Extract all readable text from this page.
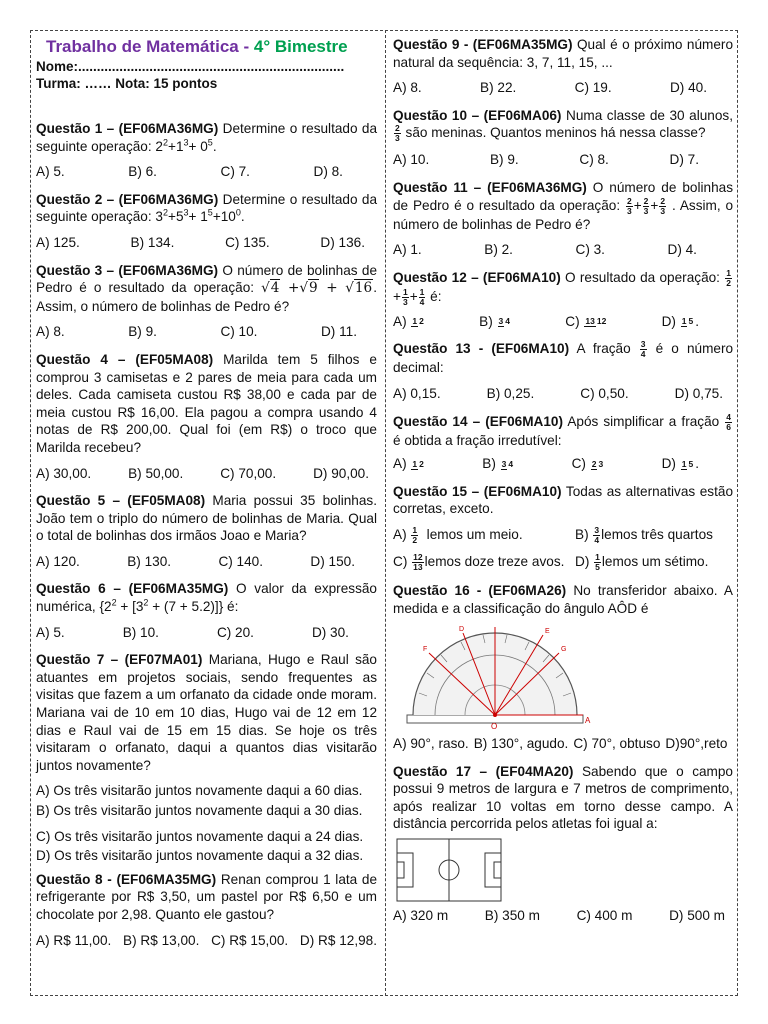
Trabalho de Matemática - 4° Bimestre
Nome:.......................................................................
Turma: …… Nota: 15 pontos
Questão 1 – (EF06MA36MG) Determine o resultado da seguinte operação: $2^2+1^3+ 0^5$.
A) 5.	B) 6.	C) 7.	D) 8.
Questão 2 – (EF06MA36MG) Determine o resultado da seguinte operação: $3^2+5^3+ 1^5+10^0$.
A) 125.	B) 134.	C) 135.	D) 136.
Questão 3 – (EF06MA36MG) O número de bolinhas de Pedro é o resultado da operação: √4 +√9 + √16. Assim, o número de bolinhas de Pedro é?
A) 8.	B) 9.	C) 10.	D) 11.
Questão 4 – (EF05MA08) Marilda tem 5 filhos e comprou 3 camisetas e 2 pares de meia para cada um deles. Cada camiseta custou R$ 38,00 e cada par de meia custou R$ 16,00. Ela pagou a compra usando 4 notas de R$ 200,00. Qual foi (em R$) o troco que Marilda recebeu?
A) 30,00.	B) 50,00.	C) 70,00.	D) 90,00.
Questão 5 – (EF05MA08) Maria possui 35 bolinhas. João tem o triplo do número de bolinhas de Maria. Qual o total de bolinhas dos irmãos Joao e Maria?
A) 120.	B) 130.	C) 140.	D) 150.
Questão 6 – (EF06MA35MG) O valor da expressão numérica, $\{2^2 + [3^2 + (7 + 5.2)]\}$ é:
A) 5.	B) 10.	C) 20.	D) 30.
Questão 7 – (EF07MA01) Mariana, Hugo e Raul são atuantes em projetos sociais, sendo frequentes as visitas que fazem a um orfanato da cidade onde moram. Mariana vai de 10 em 10 dias, Hugo vai de 12 em 12 dias e Raul vai de 15 em 15 dias. Se hoje os três visitaram o orfanato, daqui a quantos dias visitarão juntos novamente?
A) Os três visitarão juntos novamente daqui a 60 dias.
B) Os três visitarão juntos novamente daqui a 30 dias.
C) Os três visitarão juntos novamente daqui a 24 dias.
D) Os três visitarão juntos novamente daqui a 32 dias.
Questão 8 - (EF06MA35MG) Renan comprou 1 lata de refrigerante por R$ 3,50, um pastel por R$ 6,50 e um chocolate por 2,98. Quanto ele gastou?
A) R$ 11,00. B) R$ 13,00. C) R$ 15,00. D) R$ 12,98.
Questão 9 - (EF06MA35MG) Qual é o próximo número natural da sequência: 3, 7, 11, 15, ...
A) 8.	B) 22.	C) 19.	D) 40.
Questão 10 – (EF06MA06) Numa classe de 30 alunos,
$\frac{2}{3}$ são meninas. Quantos meninos há nessa classe?
A) 10.	B) 9.	C) 8.	D) 7.
Questão 11 – (EF06MA36MG) O número de bolinhas de Pedro é o resultado da operação: $\frac{2}{3} + \frac{2}{3} + \frac{2}{3}$ . Assim, o número de bolinhas de Pedro é?
A) 1.	B) 2.	C) 3.	D) 4.
Questão 12 – (EF06MA10) O resultado da operação: $\frac{1}{2}$
+ $\frac{1}{3} + \frac{1}{4}$ é:
A) 1 2	B) 3 4	C) 13 12	D) 1 5 .
Questão 13 - (EF06MA10) A fração $\frac{3}{4}$ é o número decimal:
A) 0,15.	B) 0,25.	C) 0,50.	D) 0,75.
Questão 14 – (EF06MA10) Após simplificar a fração $\frac{4}{6}$
é obtida a fração irredutível:
A) 1 2	B) 3 4	C) 2 3	D) 1 5 .
Questão 15 – (EF06MA10) Todas as alternativas estão corretas, exceto.
$A) \frac{1}{2}$ lemos um meio.	$B) \frac{3}{4}$ lemos três quartos
$C) \frac{12}{13}$ lemos doze treze avos. $D) \frac{1}{5}$ lemos um sétimo.
Questão 16 - (EF06MA26) No transferidor abaixo. A medida e a classificação do ângulo AÔD é
A
O
D	E
F	G
A) 90°, raso. B) 130°, agudo. C) 70°, obtuso D)90°,reto
Questão 17 – (EF04MA20) Sabendo que o campo possui 9 metros de largura e 7 metros de comprimento, após realizar 10 voltas em torno desse campo. A distância percorrida pelos atletas foi igual a:
A) 320 m	B) 350 m	C) 400 m	D) 500 m
